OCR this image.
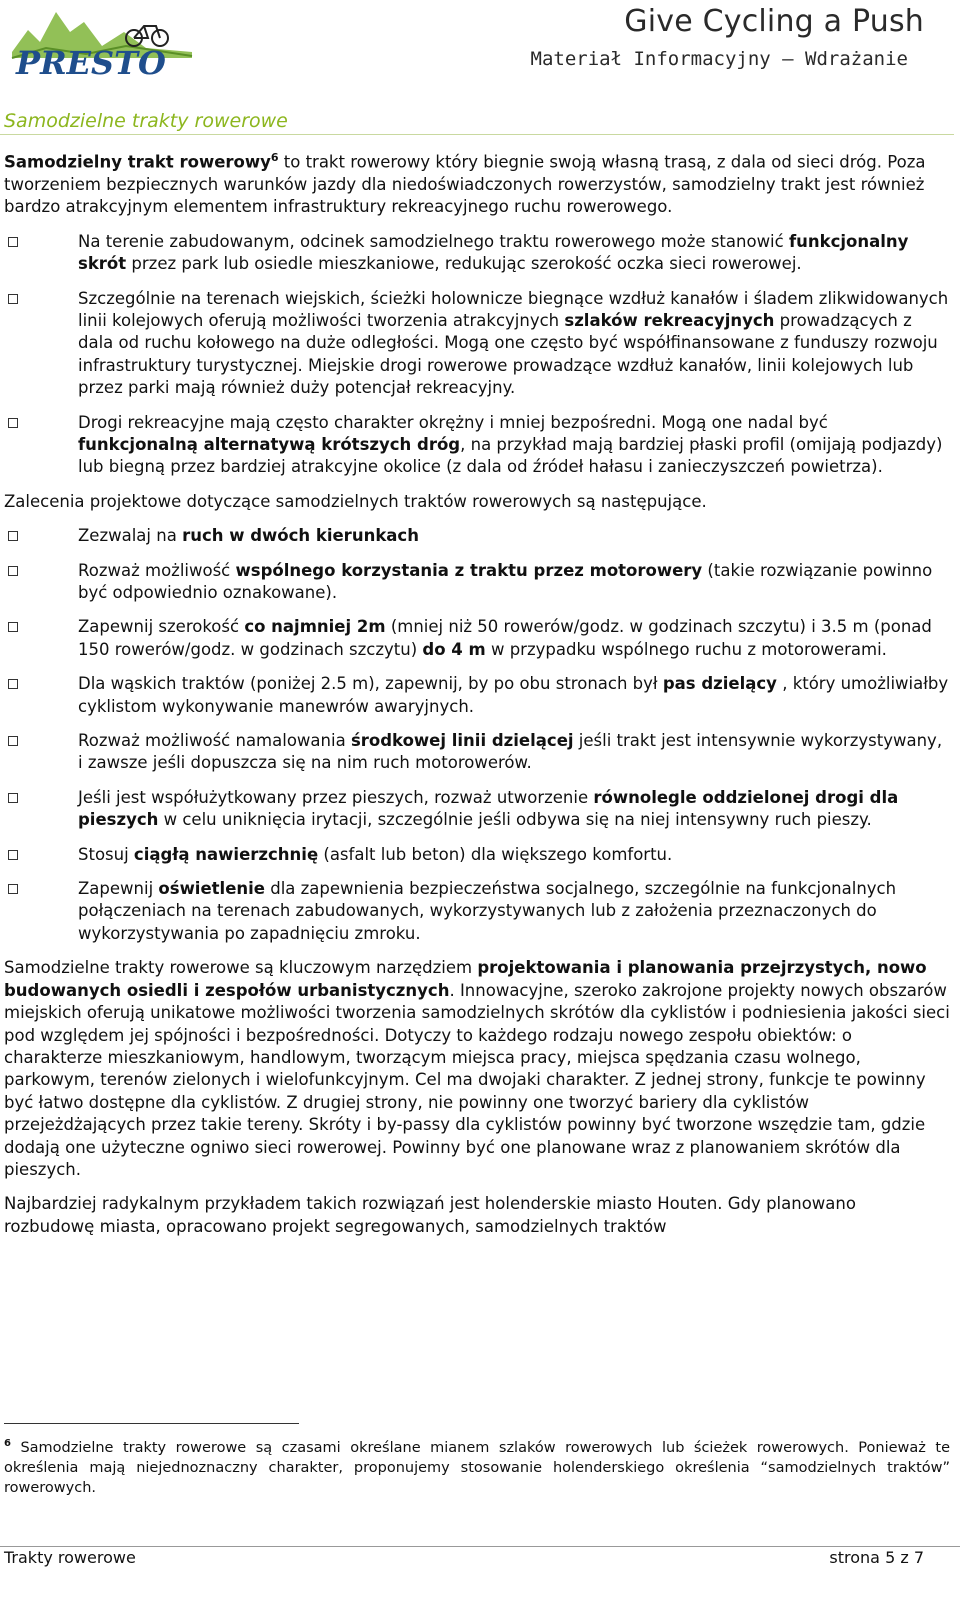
PRESTO
Give Cycling a Push
Materiał Informacyjny – Wdrażanie
Samodzielne trakty rowerowe

Samodzielny trakt rowerowy$^6$ to trakt rowerowy który biegnie swoją własną trasą, z dala od sieci dróg. Poza tworzeniem bezpiecznych warunków jazdy dla niedoświadczonych rowerzystów, samodzielny trakt jest również bardzo atrakcyjnym elementem infrastruktury rekreacyjnego ruchu rowerowego.

Na terenie zabudowanym, odcinek samodzielnego traktu rowerowego może stanowić funkcjonalny skrót przez park lub osiedle mieszkaniowe, redukując szerokość oczka sieci rowerowej.
Szczególnie na terenach wiejskich, ścieżki holownicze biegnące wzdłuż kanałów i śladem zlikwidowanych linii kolejowych oferują możliwości tworzenia atrakcyjnych szlaków rekreacyjnych prowadzących z dala od ruchu kołowego na duże odległości. Mogą one często być współfinansowane z funduszy rozwoju infrastruktury turystycznej. Miejskie drogi rowerowe prowadzące wzdłuż kanałów, linii kolejowych lub przez parki mają również duży potencjał rekreacyjny.
Drogi rekreacyjne mają często charakter okrężny i mniej bezpośredni. Mogą one nadal być funkcjonalną alternatywą krótszych dróg, na przykład mają bardziej płaski profil (omijają podjazdy) lub biegną przez bardziej atrakcyjne okolice (z dala od źródeł hałasu i zanieczyszczeń powietrza).

Zalecenia projektowe dotyczące samodzielnych traktów rowerowych są następujące.

Zezwalaj na ruch w dwóch kierunkach
Rozważ możliwość wspólnego korzystania z traktu przez motorowery (takie rozwiązanie powinno być odpowiednio oznakowane).
Zapewnij szerokość co najmniej 2m (mniej niż 50 rowerów/godz. w godzinach szczytu) i 3.5 m (ponad 150 rowerów/godz. w godzinach szczytu) do 4 m w przypadku wspólnego ruchu z motorowerami.
Dla wąskich traktów (poniżej 2.5 m), zapewnij, by po obu stronach był pas dzielący , który umożliwiałby cyklistom wykonywanie manewrów awaryjnych.
Rozważ możliwość namalowania środkowej linii dzielącej jeśli trakt jest intensywnie wykorzystywany, i zawsze jeśli dopuszcza się na nim ruch motorowerów.
Jeśli jest współużytkowany przez pieszych, rozważ utworzenie równolegle oddzielonej drogi dla pieszych w celu uniknięcia irytacji, szczególnie jeśli odbywa się na niej intensywny ruch pieszy.
Stosuj ciągłą nawierzchnię (asfalt lub beton) dla większego komfortu.
Zapewnij oświetlenie dla zapewnienia bezpieczeństwa socjalnego, szczególnie na funkcjonalnych połączeniach na terenach zabudowanych, wykorzystywanych lub z założenia przeznaczonych do wykorzystywania po zapadnięciu zmroku.

Samodzielne trakty rowerowe są kluczowym narzędziem projektowania i planowania przejrzystych, nowo budowanych osiedli i zespołów urbanistycznych. Innowacyjne, szeroko zakrojone projekty nowych obszarów miejskich oferują unikatowe możliwości tworzenia samodzielnych skrótów dla cyklistów i podniesienia jakości sieci pod względem jej spójności i bezpośredności. Dotyczy to każdego rodzaju nowego zespołu obiektów: o charakterze mieszkaniowym, handlowym, tworzącym miejsca pracy, miejsca spędzania czasu wolnego, parkowym, terenów zielonych i wielofunkcyjnym. Cel ma dwojaki charakter. Z jednej strony, funkcje te powinny być łatwo dostępne dla cyklistów. Z drugiej strony, nie powinny one tworzyć bariery dla cyklistów przejeżdżających przez takie tereny. Skróty i by-passy dla cyklistów powinny być tworzone wszędzie tam, gdzie dodają one użyteczne ogniwo sieci rowerowej. Powinny być one planowane wraz z planowaniem skrótów dla pieszych.

Najbardziej radykalnym przykładem takich rozwiązań jest holenderskie miasto Houten. Gdy planowano rozbudowę miasta, opracowano projekt segregowanych, samodzielnych traktów

$^6$ Samodzielne trakty rowerowe są czasami określane mianem szlaków rowerowych lub ścieżek rowerowych. Ponieważ te określenia mają niejednoznaczny charakter, proponujemy stosowanie holenderskiego określenia “samodzielnych traktów” rowerowych.
Trakty rowerowe	strona 5 z 7
